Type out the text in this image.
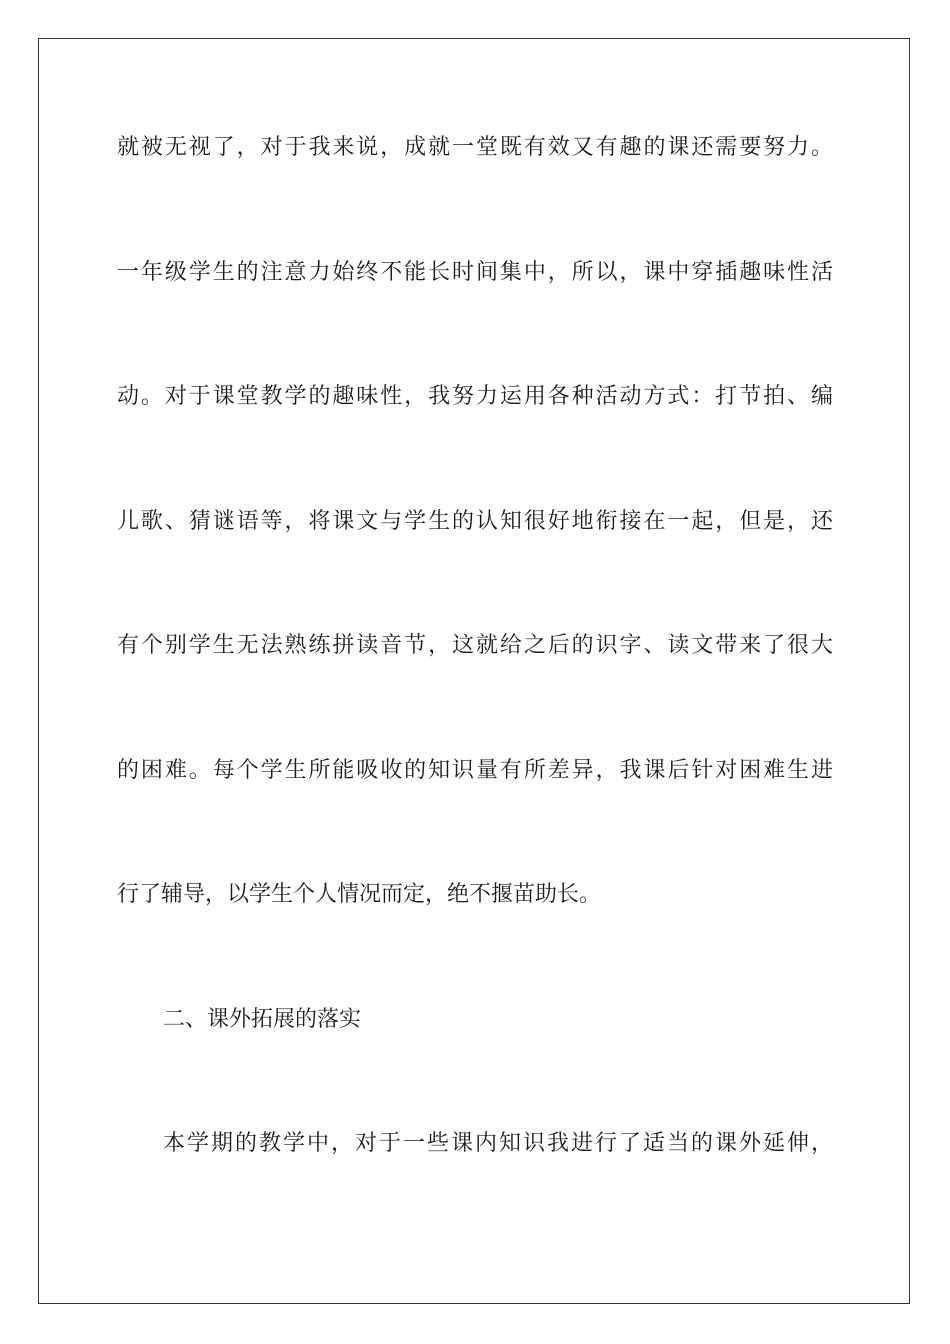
就被无视了，对于我来说，成就一堂既有效又有趣的课还需要努力。
一年级学生的注意力始终不能长时间集中，所以，课中穿插趣味性活
动。对于课堂教学的趣味性，我努力运用各种活动方式：打节拍、编
儿歌、猜谜语等，将课文与学生的认知很好地衔接在一起，但是，还
有个别学生无法熟练拼读音节，这就给之后的识字、读文带来了很大
的困难。每个学生所能吸收的知识量有所差异，我课后针对困难生进
行了辅导，以学生个人情况而定，绝不揠苗助长。
二、课外拓展的落实
本学期的教学中，对于一些课内知识我进行了适当的课外延伸，
